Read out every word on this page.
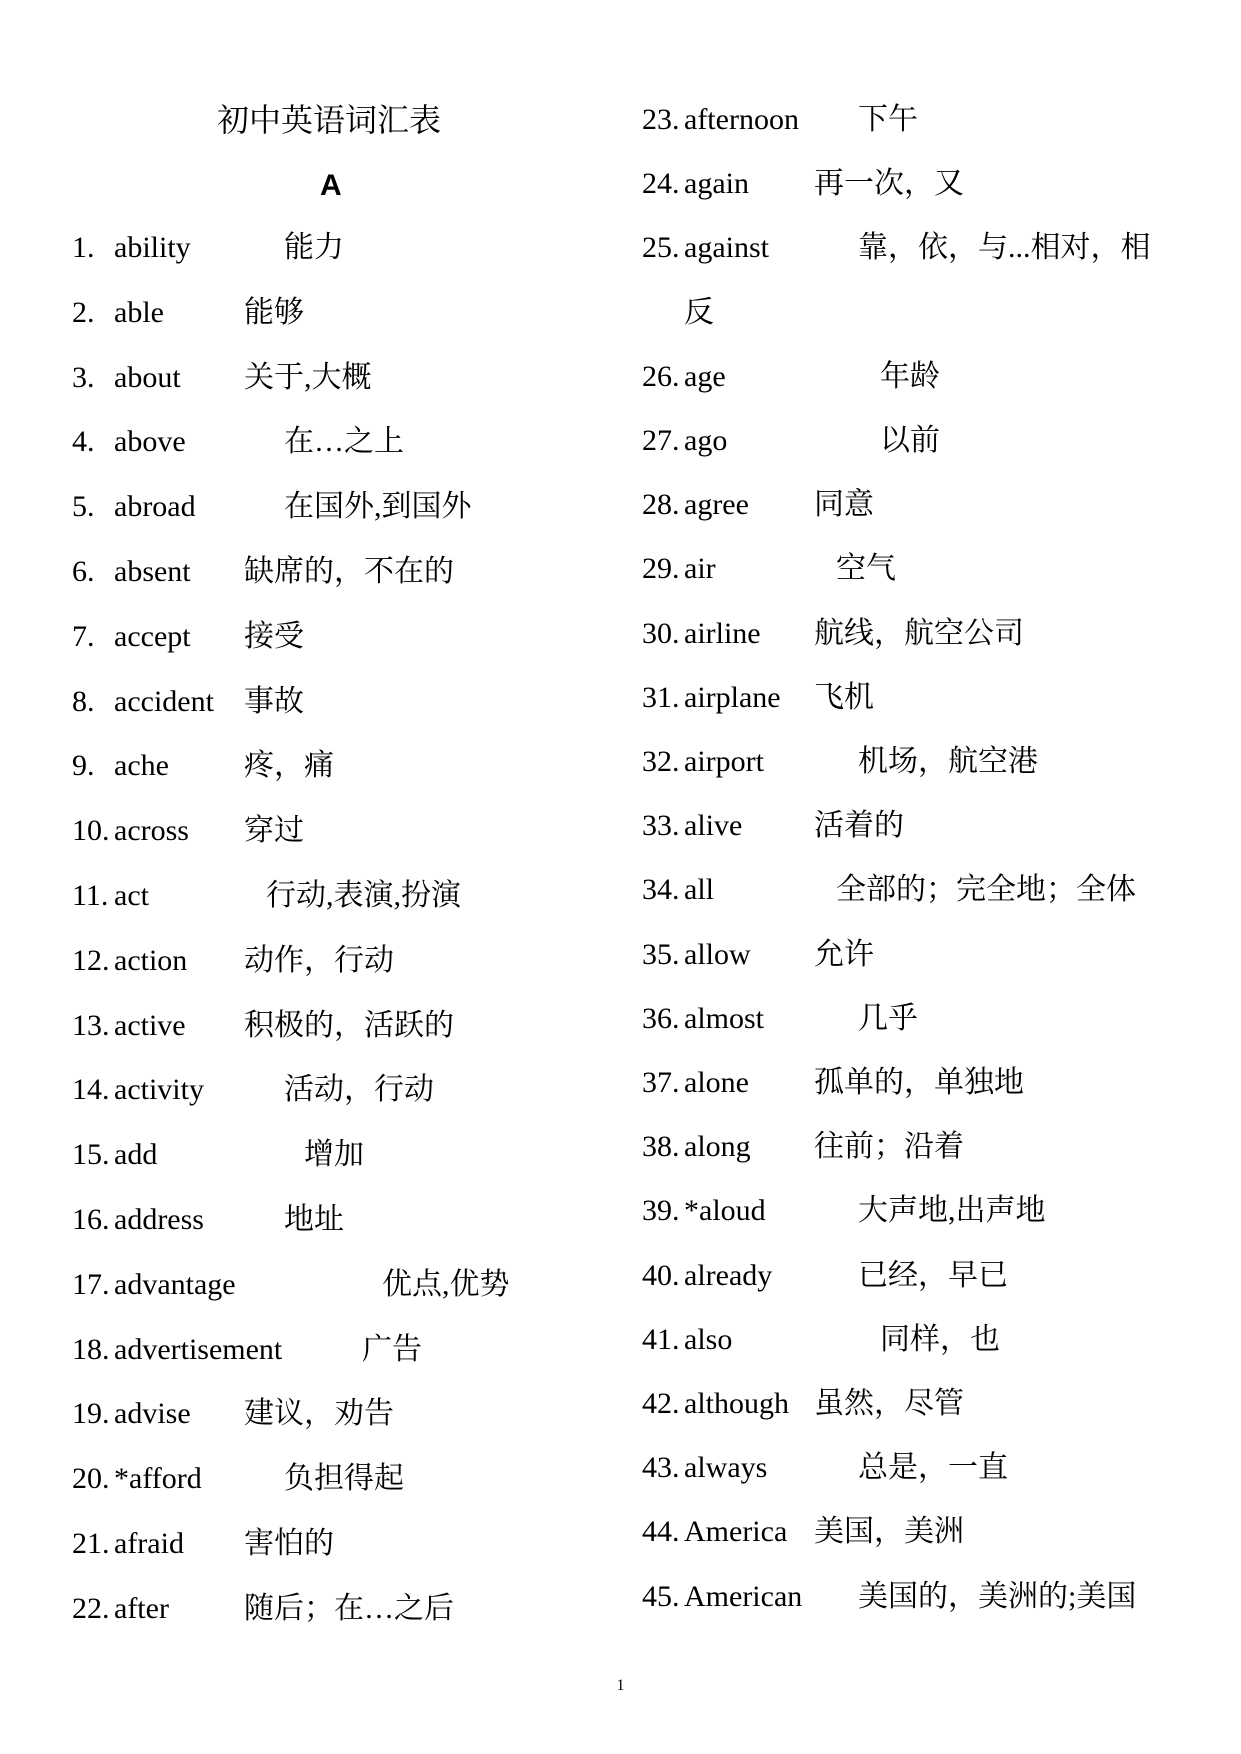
初中英语词汇表
A
1. ability	能力
2. able	能够
3. about 关于,大概
4. above	在…之上
5. abroad	在国外,到国外
6. absent 缺席的，不在的
7. accept 接受
8. accident 事故
9. ache	疼，痛
10. across 穿过
11. act	行动,表演,扮演
12. action 动作，行动
13. active 积极的，活跃的
14. activity	活动，行动
15. add	增加
16. address	地址
17. advantage	优点,优势
18. advertisement	广告
19. advise 建议，劝告
20. *afford	负担得起
21. afraid 害怕的
22. after	随后；在…之后
23. afternoon 下午
24. again 再一次，又
25. against	靠，依，与...相对，相
反
26. age	年龄
27. ago	以前
28. agree 同意
29. air	空气
30. airline 航线，航空公司
31. airplane 飞机
32. airport	机场，航空港
33. alive 活着的
34. all	全部的；完全地；全体
35. allow 允许
36. almost	几乎
37. alone 孤单的，单独地
38. along 往前；沿着
39. *aloud	大声地,出声地
40. already	已经，早已
41. also	同样，也
42. although 虽然，尽管
43. always	总是，一直
44. America 美国，美洲
45. American 美国的，美洲的;美国
1
